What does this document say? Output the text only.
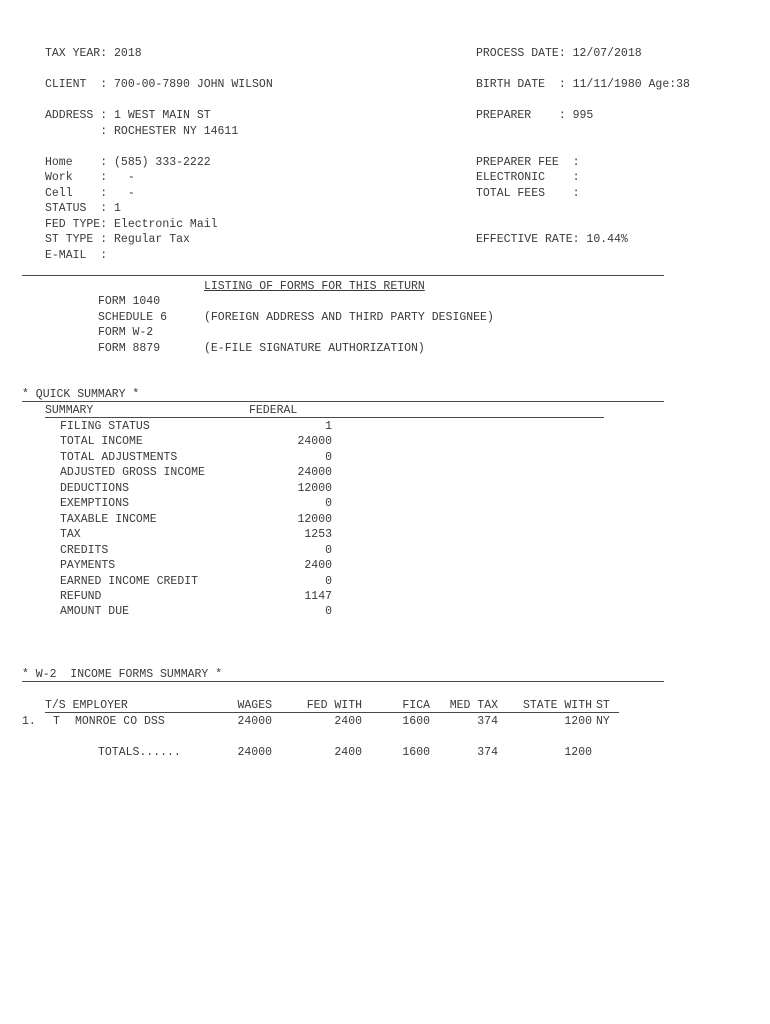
TAX YEAR: 2018	PROCESS DATE: 12/07/2018
CLIENT  : 700-00-7890 JOHN WILSON	BIRTH DATE  : 11/11/1980 Age:38
ADDRESS : 1 WEST MAIN ST	PREPARER    : 995
: ROCHESTER NY 14611
Home    : (585) 333-2222	PREPARER FEE  :
Work    :   -	ELECTRONIC    :
Cell    :   -	TOTAL FEES    :
STATUS  : 1
FED TYPE: Electronic Mail
ST TYPE : Regular Tax	EFFECTIVE RATE: 10.44%
E-MAIL  :
LISTING OF FORMS FOR THIS RETURN
FORM 1040
SCHEDULE 6	(FOREIGN ADDRESS AND THIRD PARTY DESIGNEE)
FORM W-2
FORM 8879	(E-FILE SIGNATURE AUTHORIZATION)
* QUICK SUMMARY *
SUMMARY	FEDERAL
FILING STATUS	1
TOTAL INCOME	24000
TOTAL ADJUSTMENTS	0
ADJUSTED GROSS INCOME	24000
DEDUCTIONS	12000
EXEMPTIONS	0
TAXABLE INCOME	12000
TAX	1253
CREDITS	0
PAYMENTS	2400
EARNED INCOME CREDIT	0
REFUND	1147
AMOUNT DUE	0
* W-2  INCOME FORMS SUMMARY *
T/S EMPLOYER	WAGES	FED WITH	FICA	MED TAX	STATE WITH ST
1. T MONROE CO DSS	24000	2400	1600	374	1200 NY
TOTALS......	24000	2400	1600	374	1200
